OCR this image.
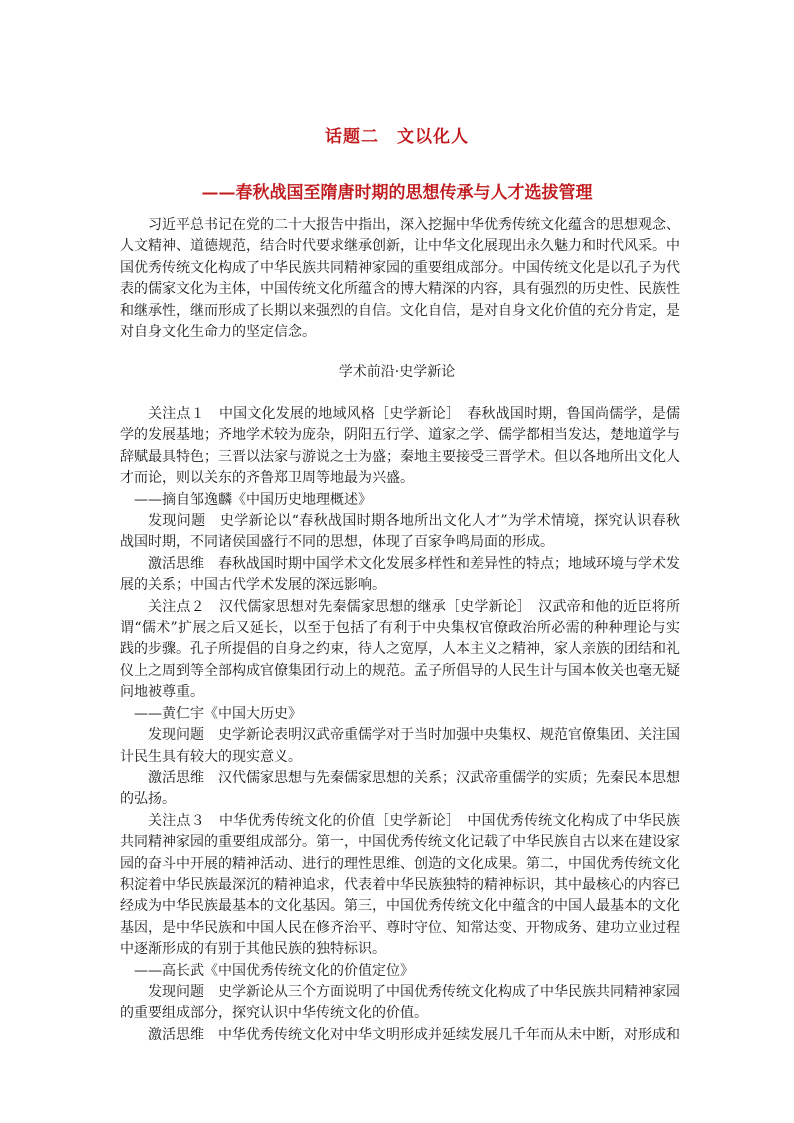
话题二　文以化人
——春秋战国至隋唐时期的思想传承与人才选拔管理

习近平总书记在党的二十大报告中指出，深入挖掘中华优秀传统文化蕴含的思想观念、人文精神、道德规范，结合时代要求继承创新，让中华文化展现出永久魅力和时代风采。中国优秀传统文化构成了中华民族共同精神家园的重要组成部分。中国传统文化是以孔子为代表的儒家文化为主体，中国传统文化所蕴含的博大精深的内容，具有强烈的历史性、民族性和继承性，继而形成了长期以来强烈的自信。文化自信，是对自身文化价值的充分肯定，是对自身文化生命力的坚定信念。

学术前沿·史学新论

关注点１　中国文化发展的地域风格［史学新论］　春秋战国时期，鲁国尚儒学，是儒学的发展基地；齐地学术较为庞杂，阴阳五行学、道家之学、儒学都相当发达，楚地道学与辞赋最具特色；三晋以法家与游说之士为盛；秦地主要接受三晋学术。但以各地所出文化人才而论，则以关东的齐鲁郑卫周等地最为兴盛。

——摘自邹逸麟《中国历史地理概述》

发现问题　史学新论以“春秋战国时期各地所出文化人才”为学术情境，探究认识春秋战国时期，不同诸侯国盛行不同的思想，体现了百家争鸣局面的形成。

激活思维　春秋战国时期中国学术文化发展多样性和差异性的特点；地域环境与学术发展的关系；中国古代学术发展的深远影响。

关注点２　汉代儒家思想对先秦儒家思想的继承［史学新论］　汉武帝和他的近臣将所谓“儒术”扩展之后又延长，以至于包括了有利于中央集权官僚政治所必需的种种理论与实践的步骤。孔子所提倡的自身之约束，待人之宽厚，人本主义之精神，家人亲族的团结和礼仪上之周到等全部构成官僚集团行动上的规范。孟子所倡导的人民生计与国本攸关也毫无疑问地被尊重。

——黄仁宇《中国大历史》

发现问题　史学新论表明汉武帝重儒学对于当时加强中央集权、规范官僚集团、关注国计民生具有较大的现实意义。

激活思维　汉代儒家思想与先秦儒家思想的关系；汉武帝重儒学的实质；先秦民本思想的弘扬。

关注点３　中华优秀传统文化的价值［史学新论］　中国优秀传统文化构成了中华民族共同精神家园的重要组成部分。第一，中国优秀传统文化记载了中华民族自古以来在建设家园的奋斗中开展的精神活动、进行的理性思维、创造的文化成果。第二，中国优秀传统文化积淀着中华民族最深沉的精神追求，代表着中华民族独特的精神标识，其中最核心的内容已经成为中华民族最基本的文化基因。第三，中国优秀传统文化中蕴含的中国人最基本的文化基因，是中华民族和中国人民在修齐治平、尊时守位、知常达变、开物成务、建功立业过程中逐渐形成的有别于其他民族的独特标识。

——高长武《中国优秀传统文化的价值定位》

发现问题　史学新论从三个方面说明了中国优秀传统文化构成了中华民族共同精神家园的重要组成部分，探究认识中华传统文化的价值。

激活思维　中华优秀传统文化对中华文明形成并延续发展几千年而从未中断，对形成和
